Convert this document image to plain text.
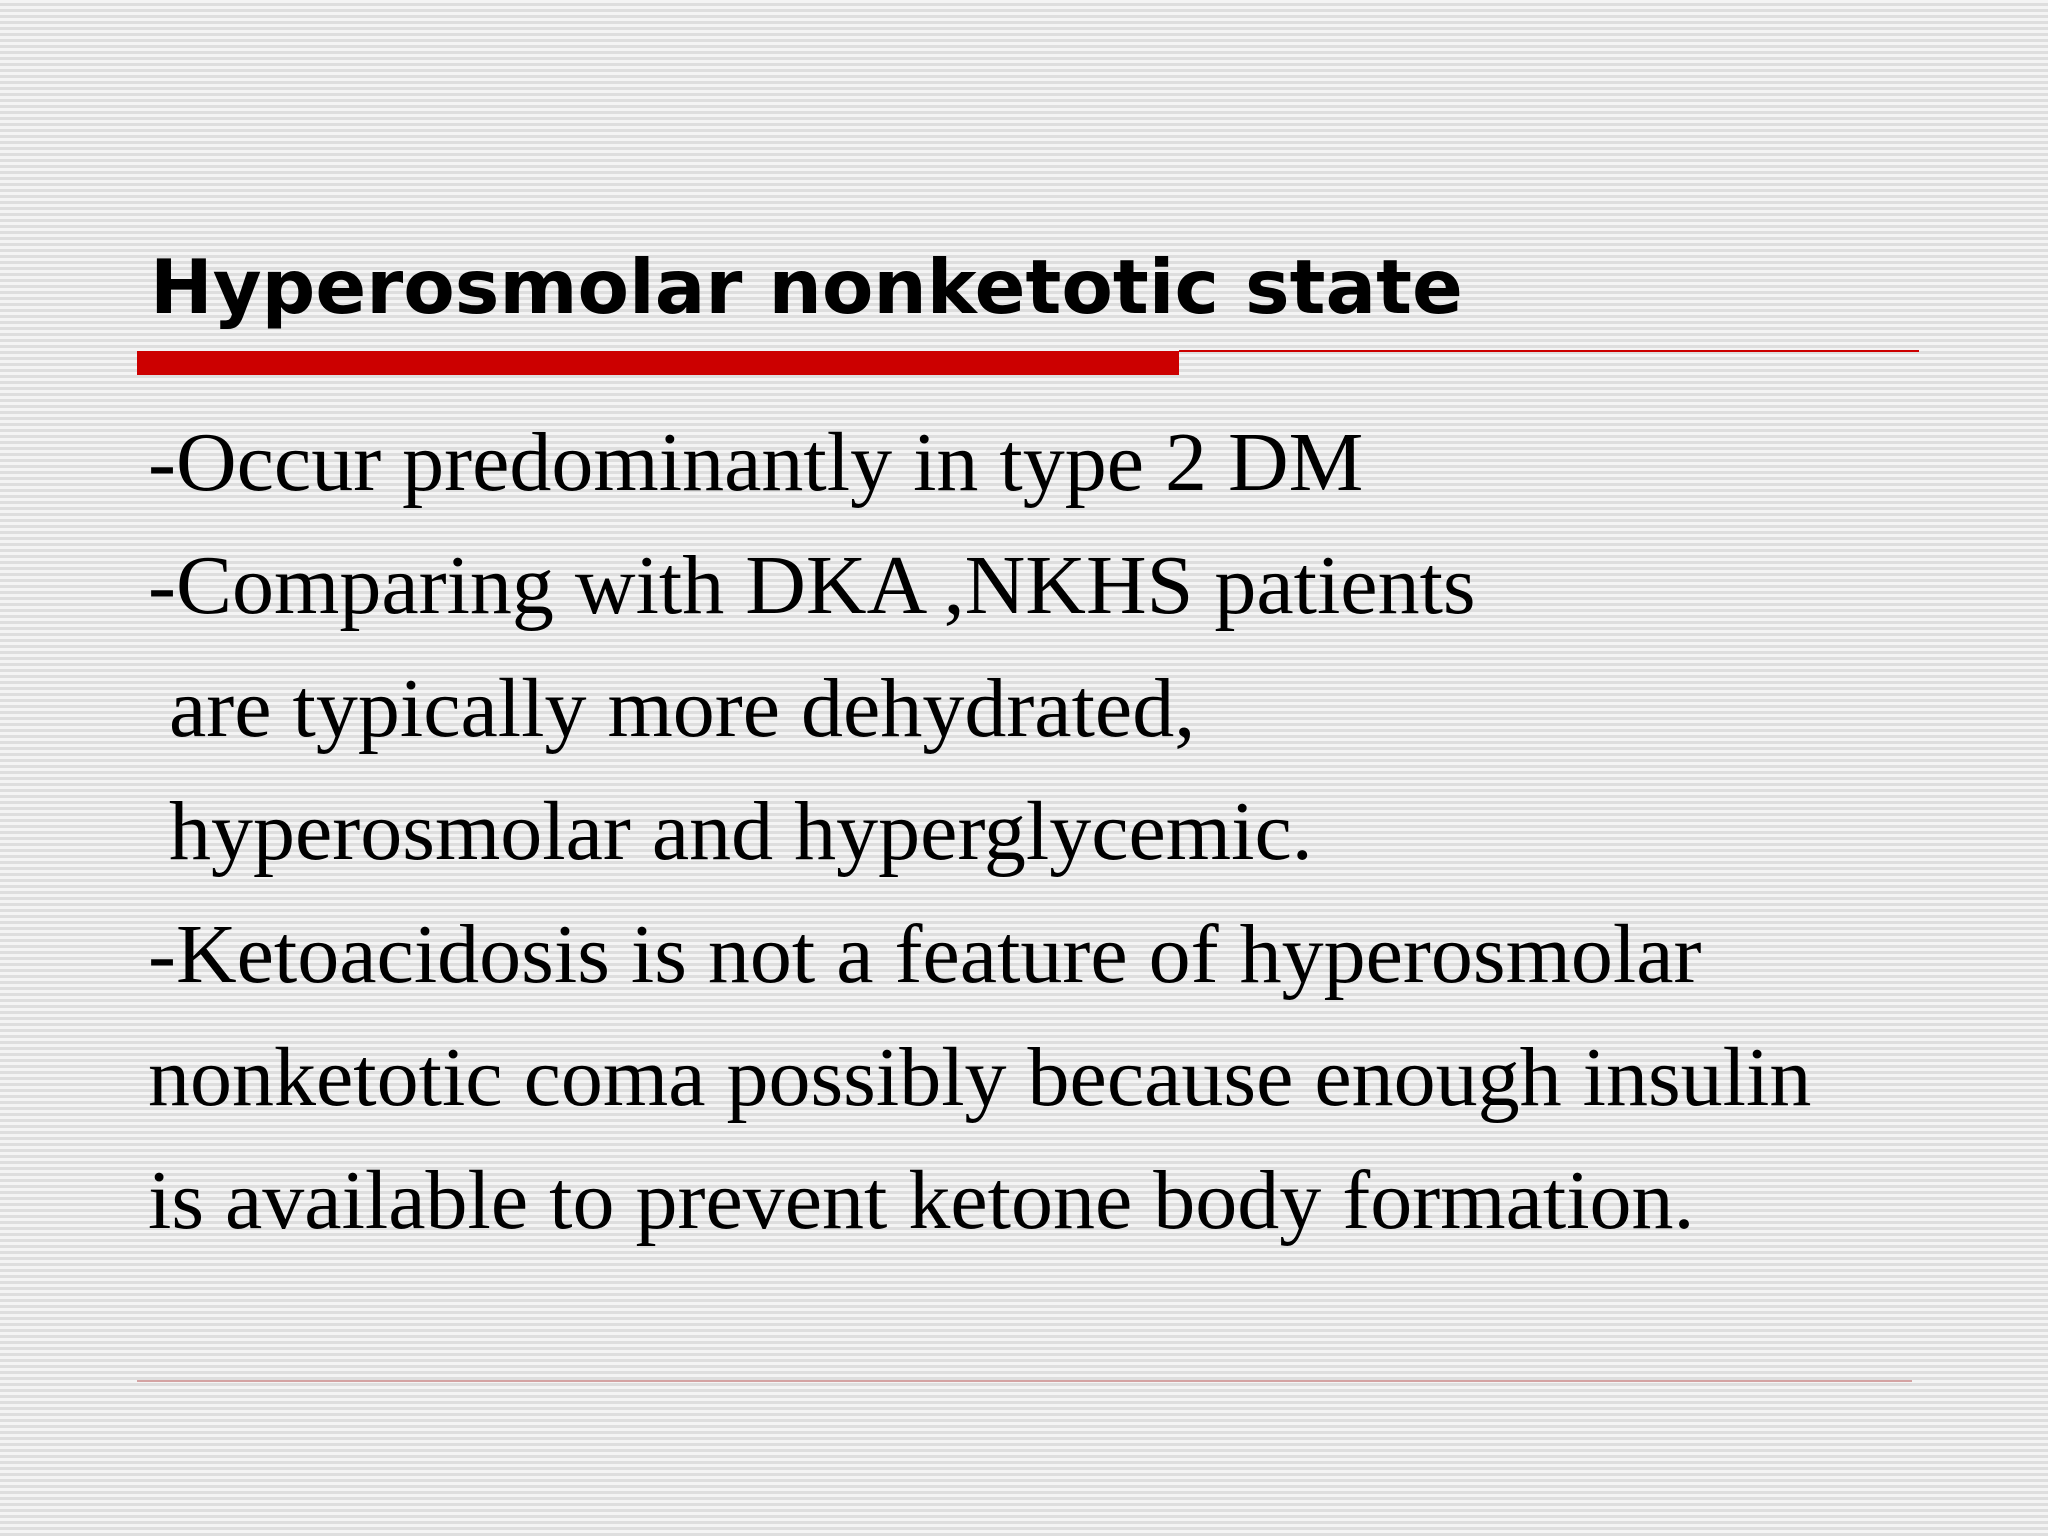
Hyperosmolar nonketotic state
-Occur predominantly in type 2 DM
-Comparing with DKA ,NKHS patients
are typically more dehydrated,
hyperosmolar and hyperglycemic.
-Ketoacidosis is not a feature of hyperosmolar
nonketotic coma possibly because enough insulin
is available to prevent ketone body formation.
